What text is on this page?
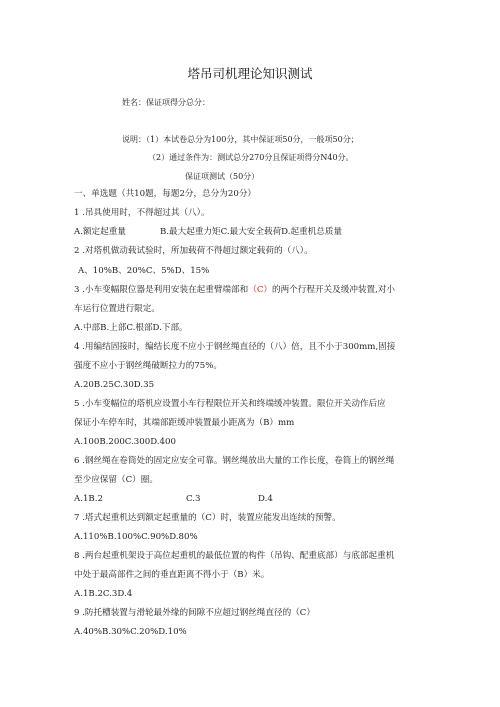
塔吊司机理论知识测试
姓名：保证项得分总分：
说明：（1）本试卷总分为100分，其中保证项50分，一般项50分；
（2）通过条件为：测试总分270分且保证项得分N40分。
保证项测试（50分）
一、单选题（共10题，每题2分，总分为20分）
1 .吊具使用时，不得超过其（八）。
A.额定起重量	B.最大起重力矩C.最大安全载荷D.起重机总质量
2 .对塔机做动载试验时，所加载荷不得超过额定载荷的（八）。
A、10%B、20%C、5%D、15%
3 .小车变幅限位器是利用安装在起重臂端部和（C）的两个行程开关及缓冲装置,对小
车运行位置进行限定。
A.中部B.上部C.根部D.下部。
4 .用编结固接时，编结长度不应小于钢丝绳直径的（八）倍，且不小于300mm,固接
强度不应小于钢丝绳破断拉力的75%。
A.20B.25C.30D.35
5 .小车变幅位的塔机应设置小车行程限位开关和终端缓冲装置。限位开关动作后应
保证小车停车时，其端部距缓冲装置最小距离为（B）mm
A.100B.200C.300D.400
6 .钢丝绳在卷筒处的固定应安全可靠。钢丝绳放出大量的工作长度，卷筒上的钢丝绳
至少应保留（C）圈。
A.1B.2	C.3	D.4
7 .塔式起重机达到额定起重量的（C）时，装置应能发出连续的预警。
A.110%B.100%C.90%D.80%
8 .两台起重机架设于高位起重机的最低位置的构件（吊钩、配重底部）与底部起重机
中处于最高部件之间的垂直距离不得小于（B）米。
A.1B.2C.3D.4
9 .防托槽装置与滑轮最外缘的间隙不应超过钢丝绳直径的（C）
A.40%B.30%C.20%D.10%
